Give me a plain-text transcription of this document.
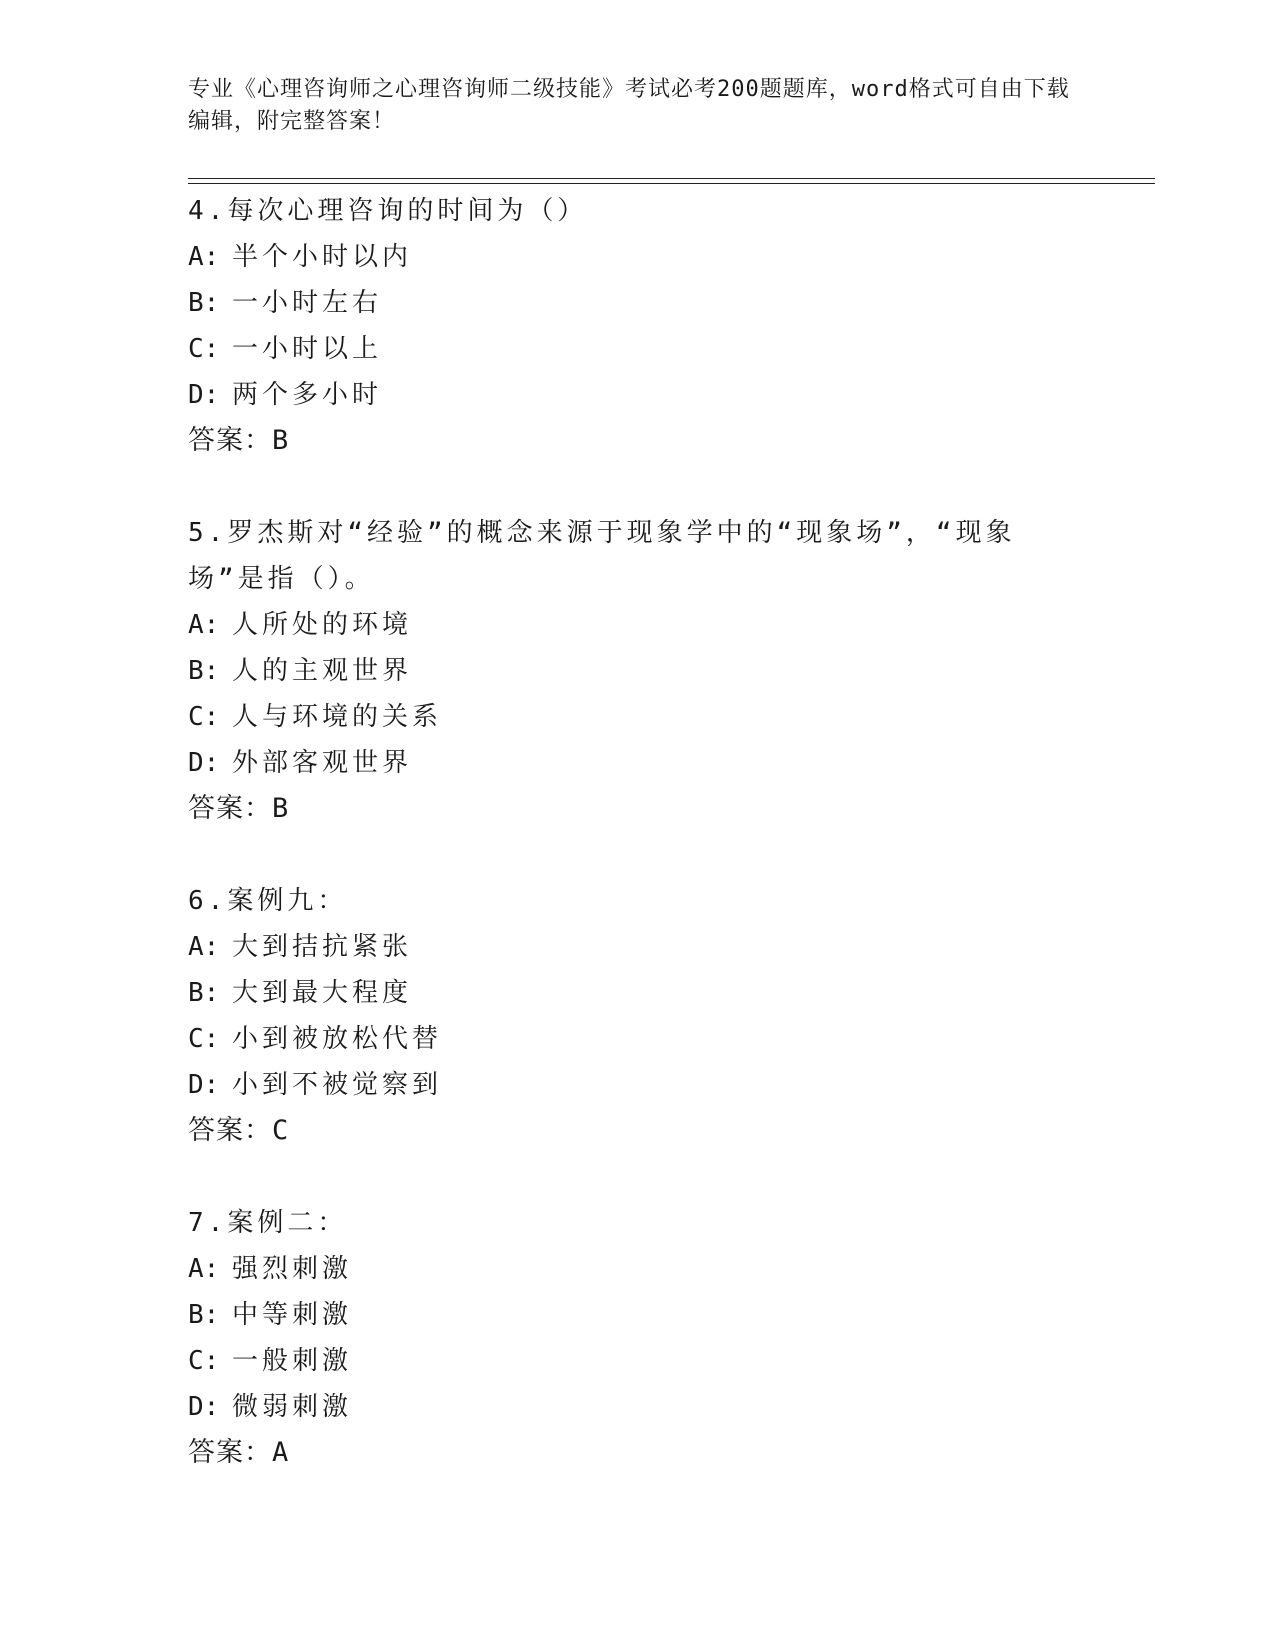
专业《心理咨询师之心理咨询师二级技能》考试必考200题题库，word格式可自由下载编辑，附完整答案！

4.每次心理咨询的时间为（）

A: 半个小时以内

B: 一小时左右

C: 一小时以上

D: 两个多小时

答案：B

5.罗杰斯对“经验”的概念来源于现象学中的“现象场”，“现象场”是指（）。

A: 人所处的环境

B: 人的主观世界

C: 人与环境的关系

D: 外部客观世界

答案：B

6.案例九：

A: 大到拮抗紧张

B: 大到最大程度

C: 小到被放松代替

D: 小到不被觉察到

答案：C

7.案例二：

A: 强烈刺激

B: 中等刺激

C: 一般刺激

D: 微弱刺激

答案：A
